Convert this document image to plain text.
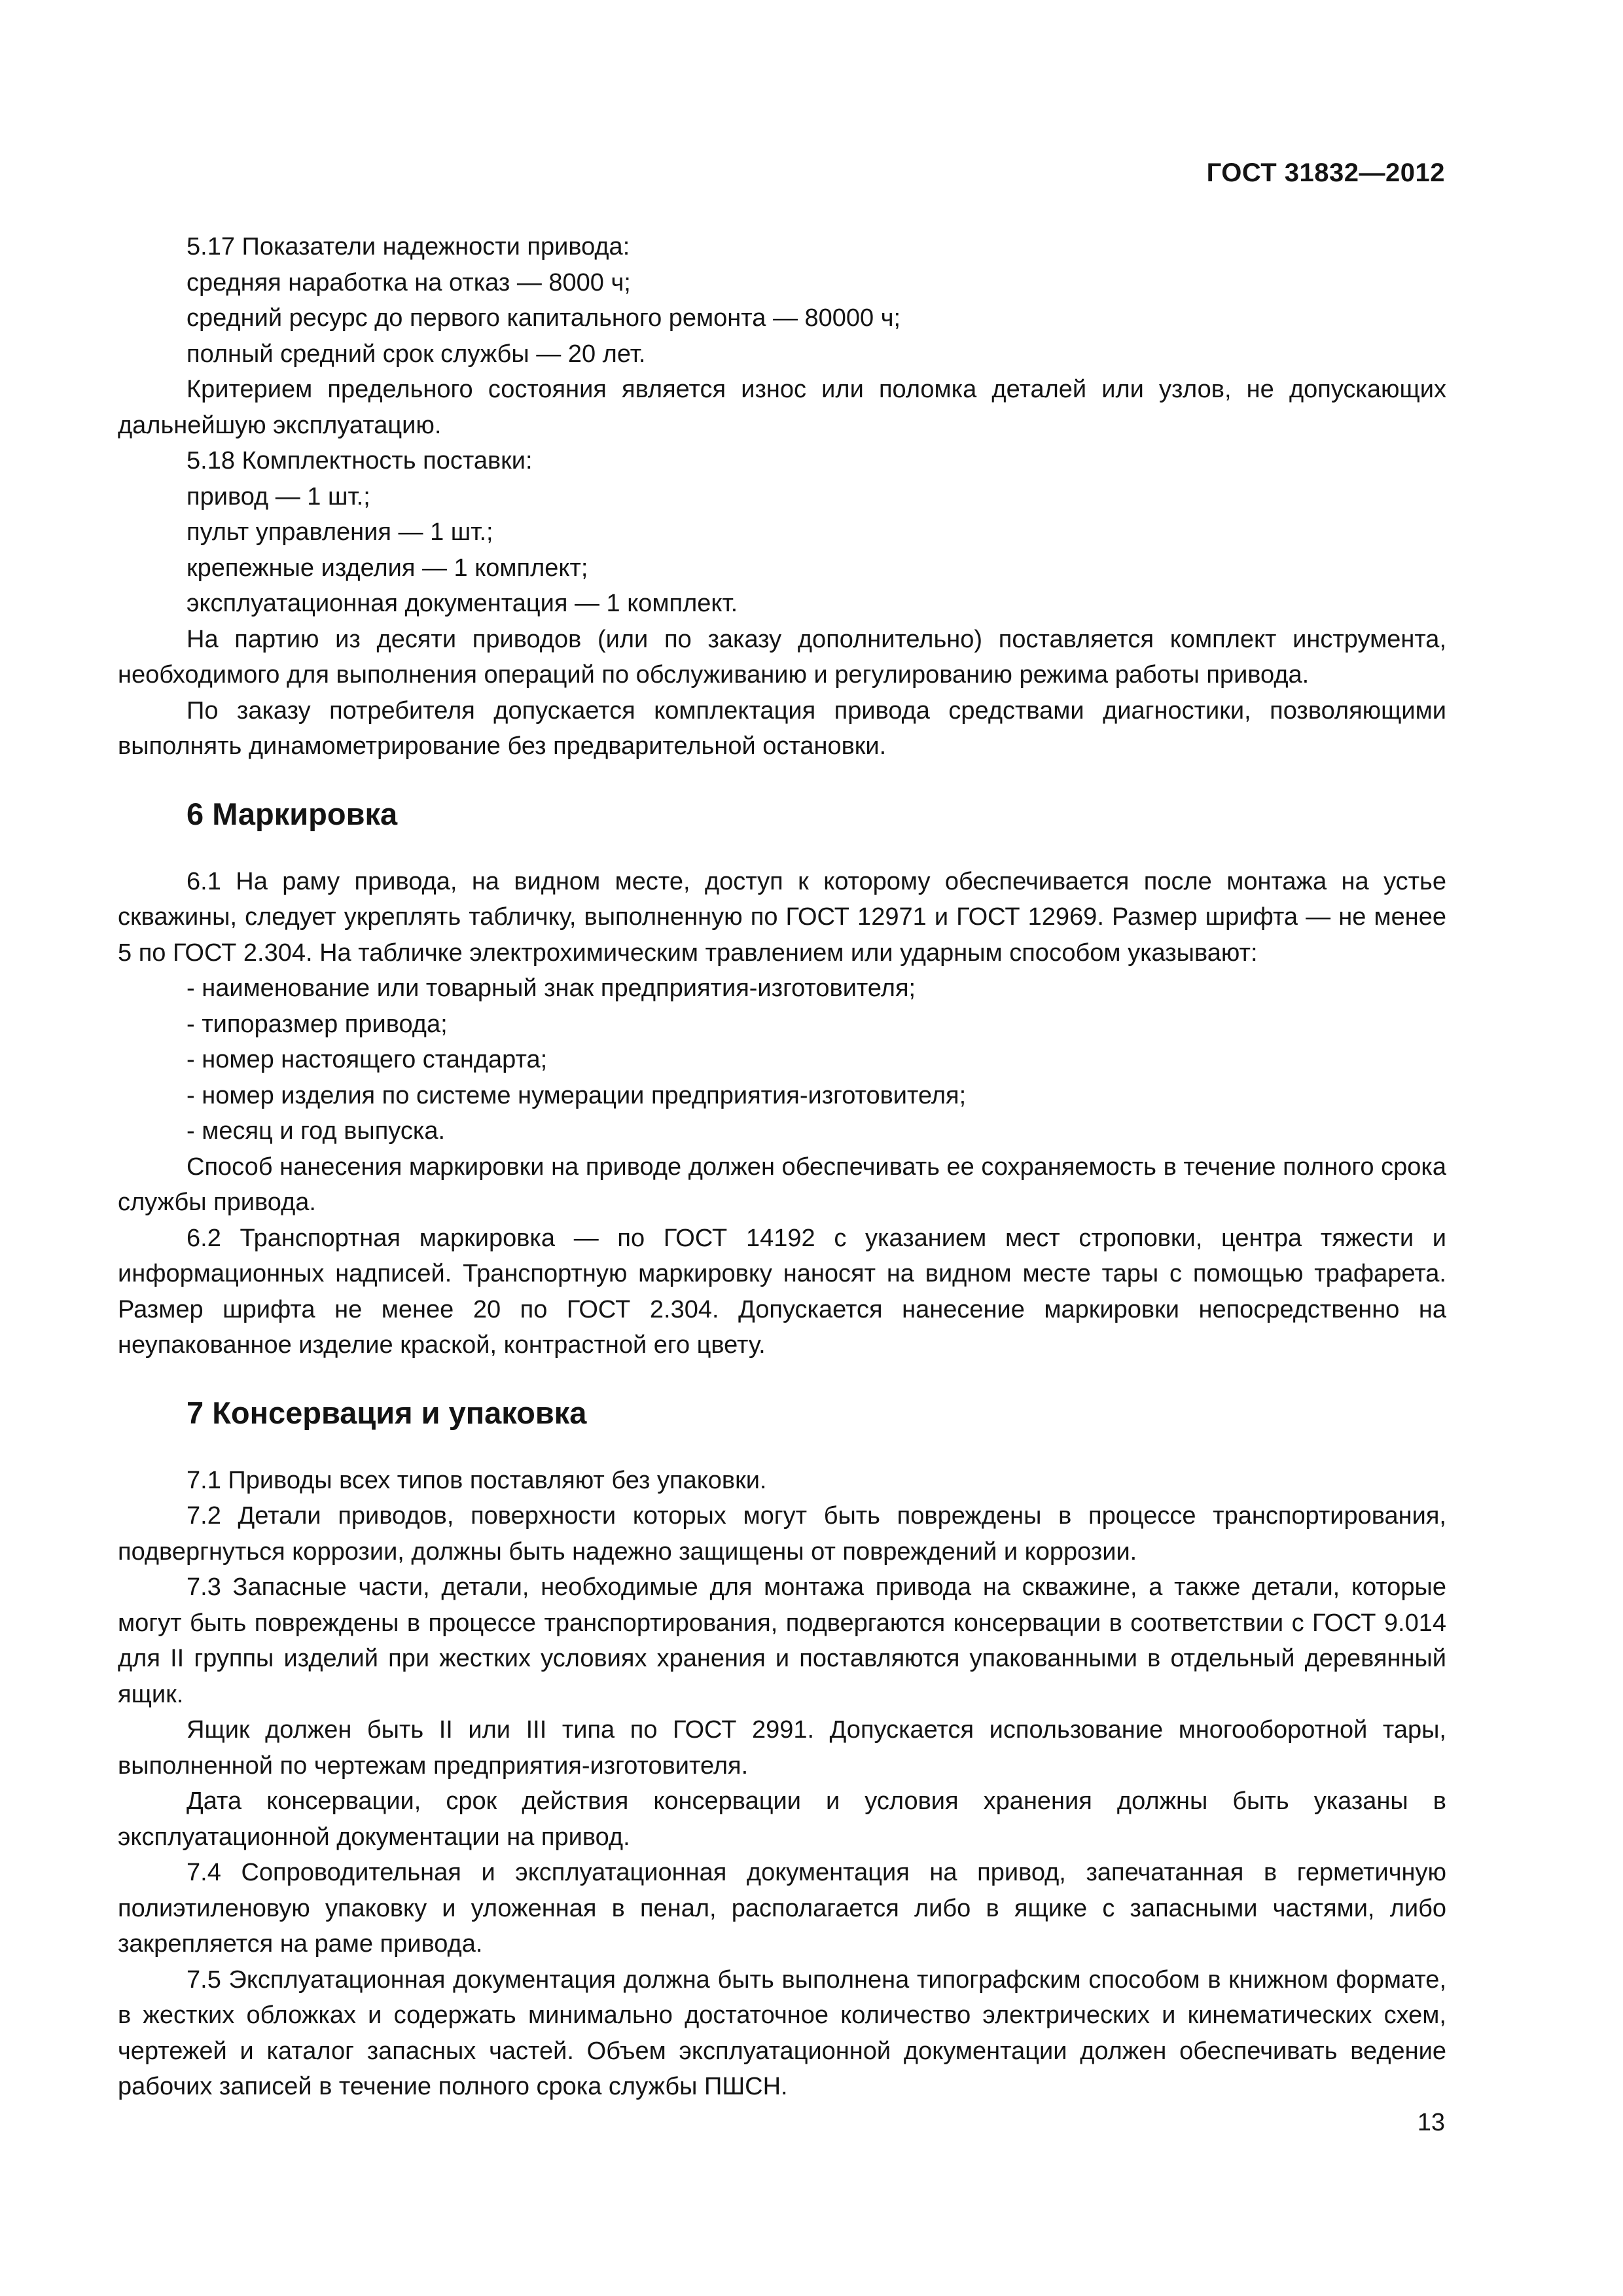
ГОСТ 31832—2012

5.17 Показатели надежности привода:

средняя наработка на отказ — 8000 ч;

средний ресурс до первого капитального ремонта — 80000 ч;

полный средний срок службы — 20 лет.

Критерием предельного состояния является износ или поломка деталей или узлов, не допускающих дальнейшую эксплуатацию.

5.18 Комплектность поставки:

привод — 1 шт.;

пульт управления — 1 шт.;

крепежные изделия — 1 комплект;

эксплуатационная документация — 1 комплект.

На партию из десяти приводов (или по заказу дополнительно) поставляется комплект инструмента, необходимого для выполнения операций по обслуживанию и регулированию режима работы привода.

По заказу потребителя допускается комплектация привода средствами диагностики, позволяющими выполнять динамометрирование без предварительной остановки.

6 Маркировка

6.1 На раму привода, на видном месте, доступ к которому обеспечивается после монтажа на устье скважины, следует укреплять табличку, выполненную по ГОСТ 12971 и ГОСТ 12969. Размер шрифта — не менее 5 по ГОСТ 2.304. На табличке электрохимическим травлением или ударным способом указывают:

- наименование или товарный знак предприятия-изготовителя;

- типоразмер привода;

- номер настоящего стандарта;

- номер изделия по системе нумерации предприятия-изготовителя;

- месяц и год выпуска.

Способ нанесения маркировки на приводе должен обеспечивать ее сохраняемость в течение полного срока службы привода.

6.2 Транспортная маркировка — по ГОСТ 14192 с указанием мест строповки, центра тяжести и информационных надписей. Транспортную маркировку наносят на видном месте тары с помощью трафарета. Размер шрифта не менее 20 по ГОСТ 2.304. Допускается нанесение маркировки непосредственно на неупакованное изделие краской, контрастной его цвету.

7 Консервация и упаковка

7.1 Приводы всех типов поставляют без упаковки.

7.2 Детали приводов, поверхности которых могут быть повреждены в процессе транспортирования, подвергнуться коррозии, должны быть надежно защищены от повреждений и коррозии.

7.3 Запасные части, детали, необходимые для монтажа привода на скважине, а также детали, которые могут быть повреждены в процессе транспортирования, подвергаются консервации в соответствии с ГОСТ 9.014 для II группы изделий при жестких условиях хранения и поставляются упакованными в отдельный деревянный ящик.

Ящик должен быть II или III типа по ГОСТ 2991. Допускается использование многооборотной тары, выполненной по чертежам предприятия-изготовителя.

Дата консервации, срок действия консервации и условия хранения должны быть указаны в эксплуатационной документации на привод.

7.4 Сопроводительная и эксплуатационная документация на привод, запечатанная в герметичную полиэтиленовую упаковку и уложенная в пенал, располагается либо в ящике с запасными частями, либо закрепляется на раме привода.

7.5 Эксплуатационная документация должна быть выполнена типографским способом в книжном формате, в жестких обложках и содержать минимально достаточное количество электрических и кинематических схем, чертежей и каталог запасных частей. Объем эксплуатационной документации должен обеспечивать ведение рабочих записей в течение полного срока службы ПШСН.

13
